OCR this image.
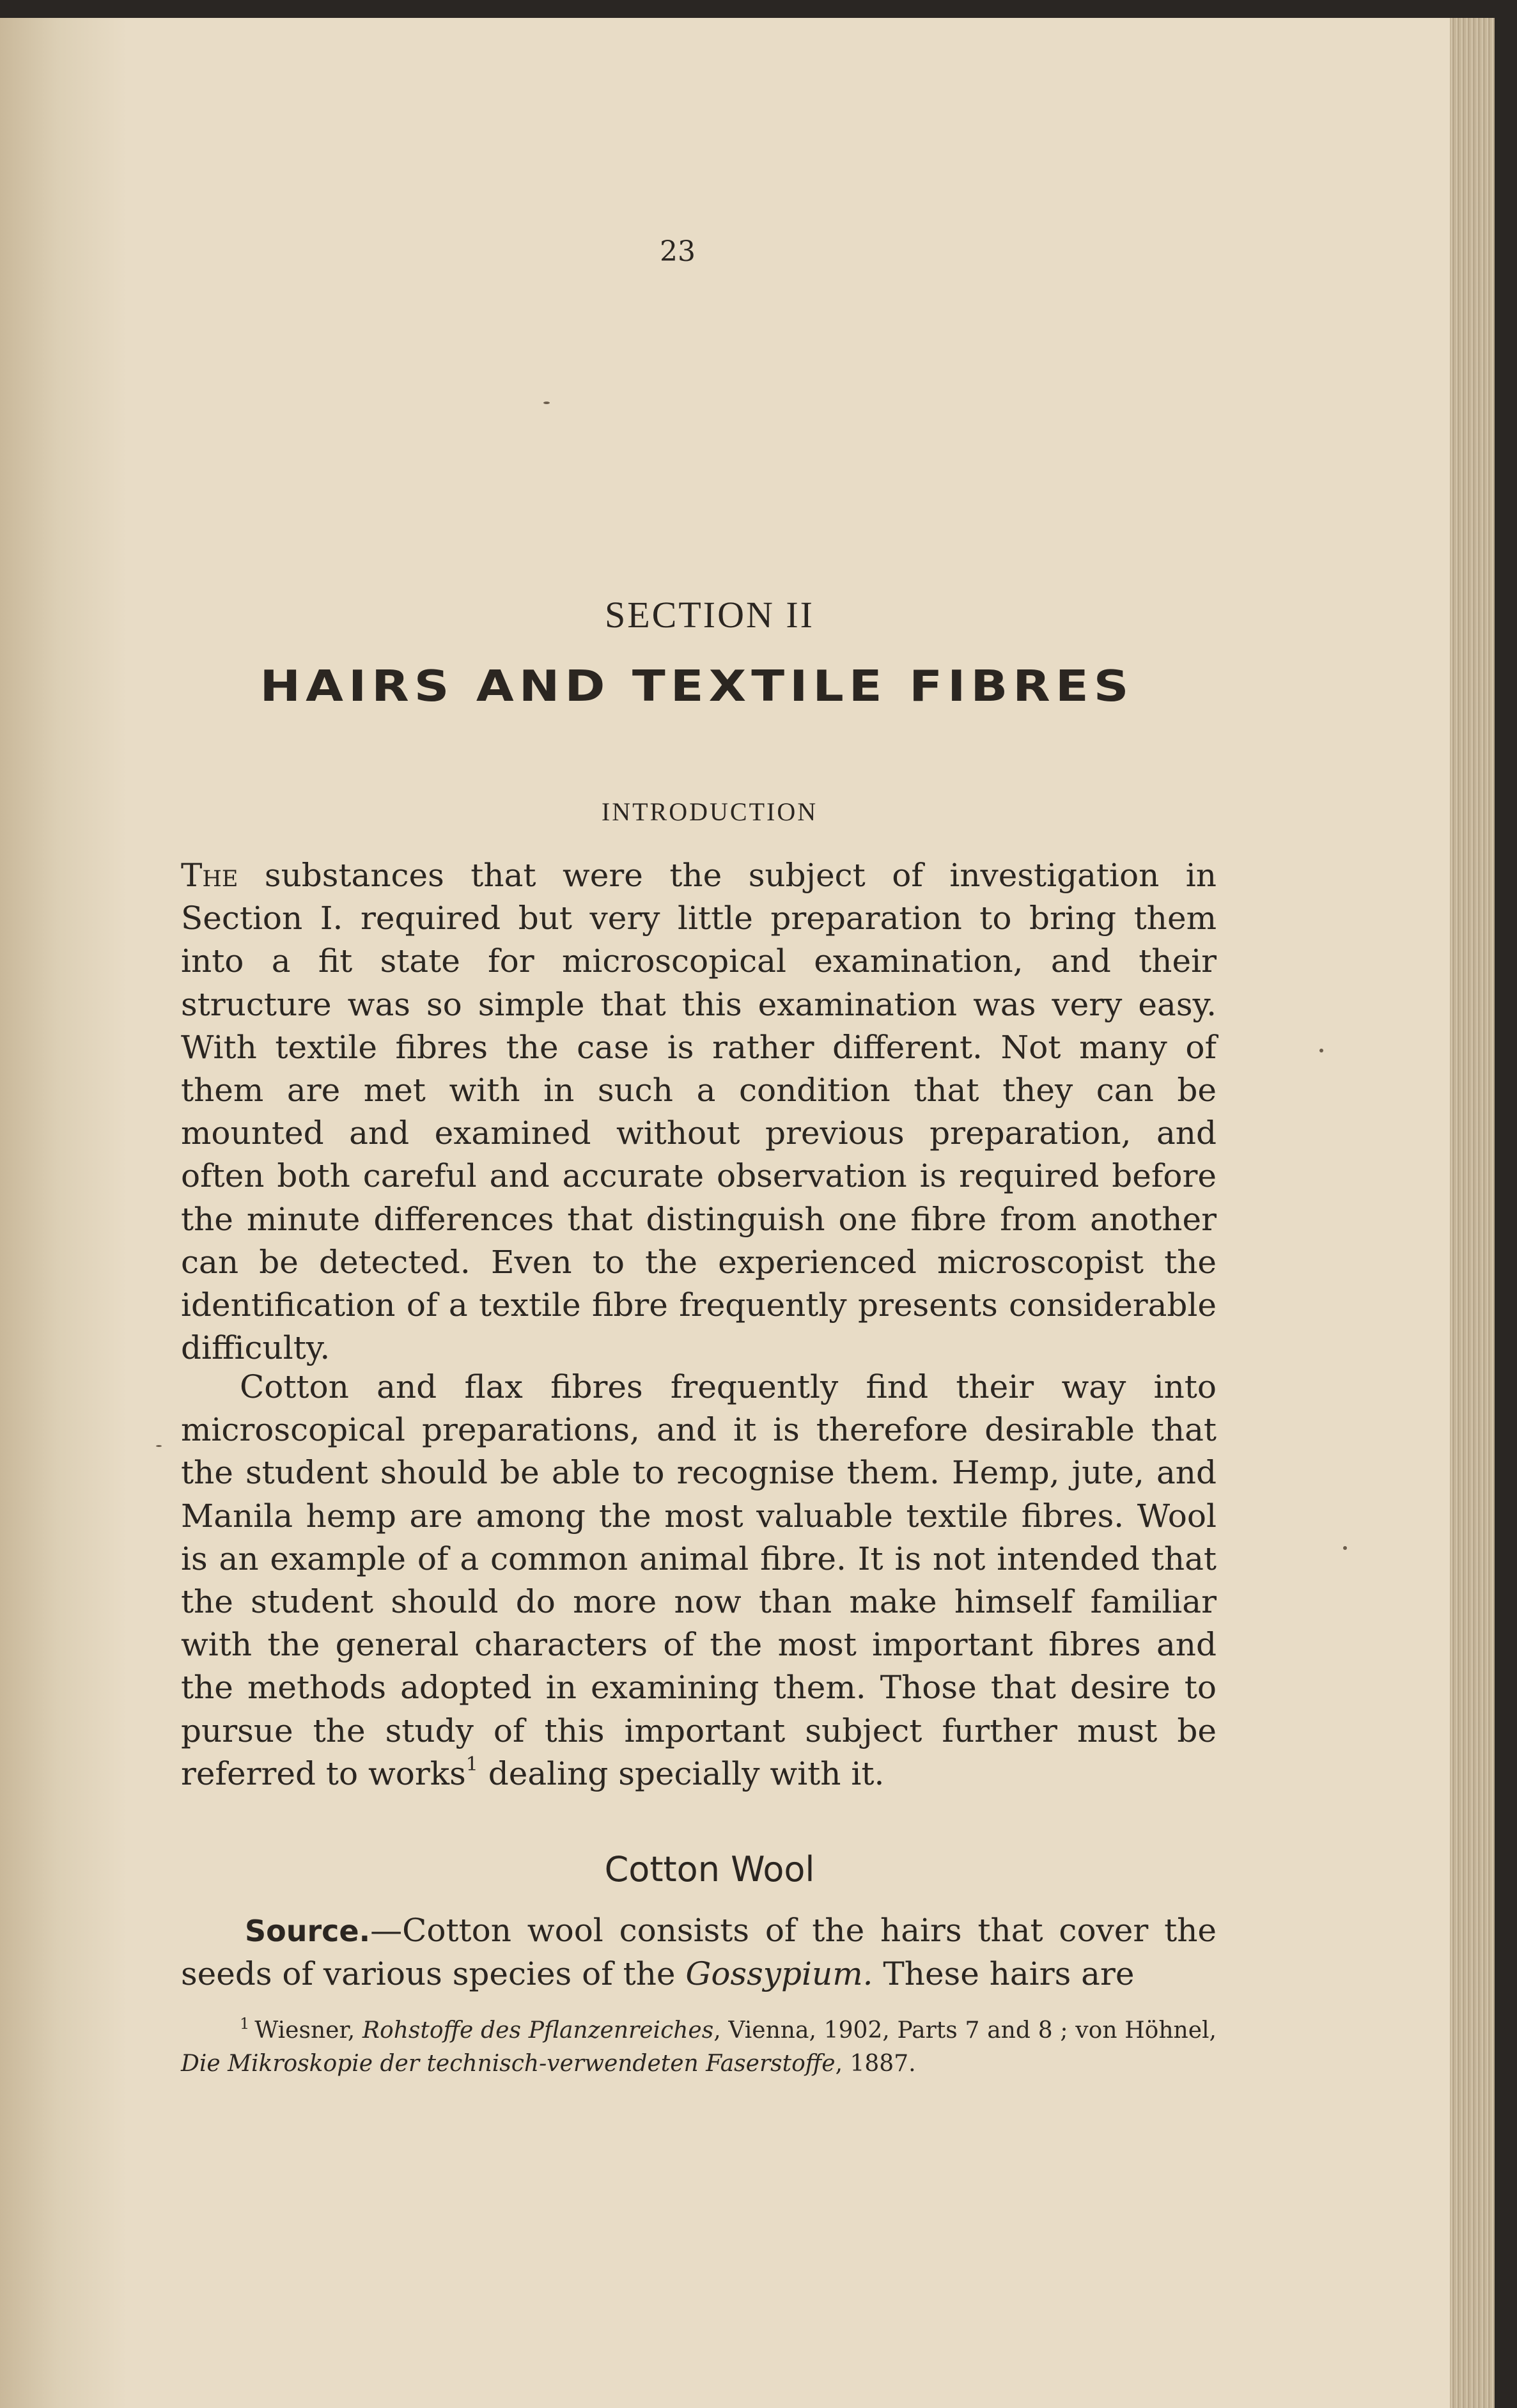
23
SECTION II
HAIRS AND TEXTILE FIBRES
INTRODUCTION

The substances that were the subject of investigation in Section I. required but very little preparation to bring them into a fit state for microscopical examination, and their structure was so simple that this examination was very easy. With textile fibres the case is rather different. Not many of them are met with in such a condition that they can be mounted and examined without previous preparation, and often both careful and accurate observation is required before the minute differences that distinguish one fibre from another can be detected. Even to the experienced microscopist the identification of a textile fibre frequently presents considerable difficulty.

Cotton and flax fibres frequently find their way into microscopical preparations, and it is therefore desirable that the student should be able to recognise them. Hemp, jute, and Manila hemp are among the most valuable textile fibres. Wool is an example of a common animal fibre. It is not intended that the student should do more now than make himself familiar with the general characters of the most important fibres and the methods adopted in examining them. Those that desire to pursue the study of this important subject further must be referred to works$^1$ dealing specially with it.

Cotton Wool

Source.—Cotton wool consists of the hairs that cover the seeds of various species of the Gossypium. These hairs are

$^1$ Wiesner, Rohstoffe des Pflanzenreiches, Vienna, 1902, Parts 7 and 8 ; von Höhnel, Die Mikroskopie der technisch-verwendeten Faserstoffe, 1887.
